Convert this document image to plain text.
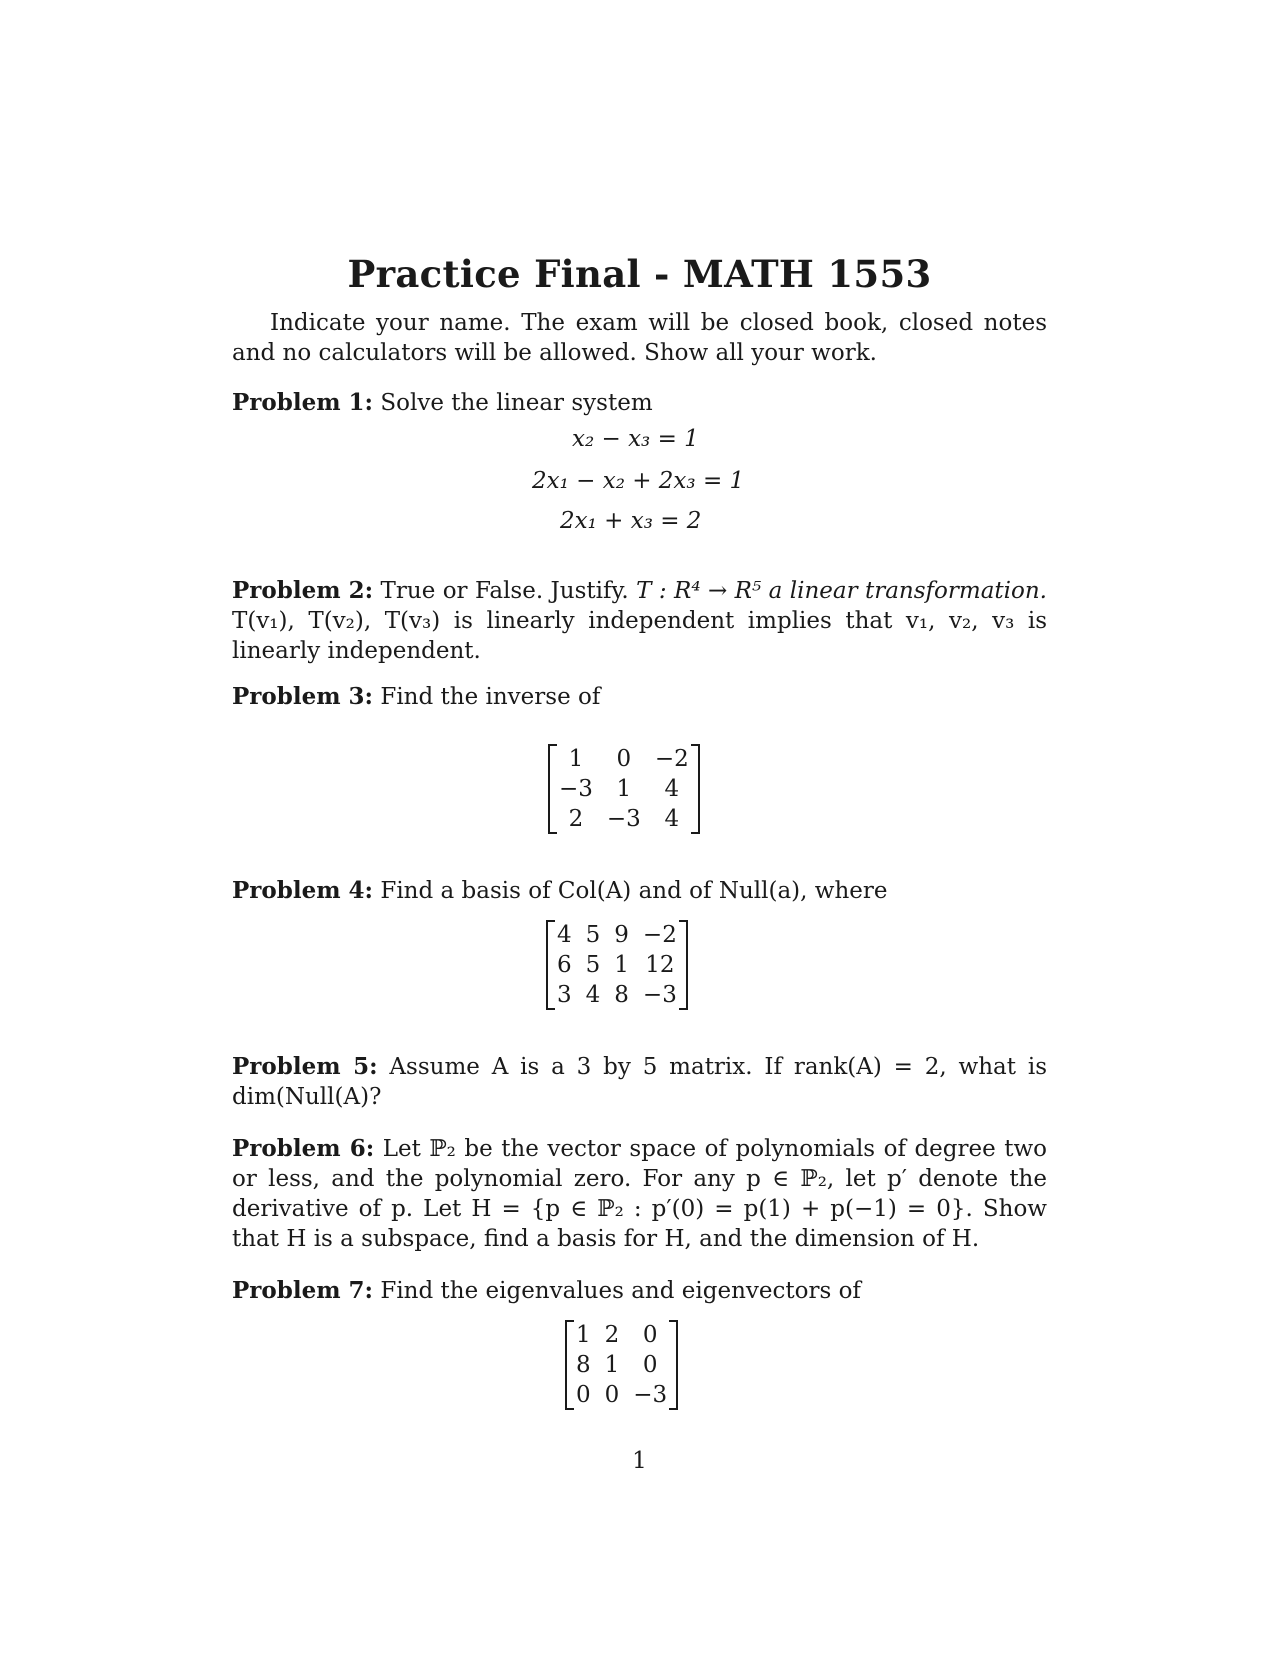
Practice Final - MATH 1553

Indicate your name. The exam will be closed book, closed notes and no calculators will be allowed. Show all your work.

Problem 1: Solve the linear system

x₂ − x₃ = 1
2x₁ − x₂ + 2x₃ = 1
2x₁ + x₃ = 2

Problem 2: True or False. Justify. T : R⁴ → R⁵ a linear transformation. T(v₁), T(v₂), T(v₃) is linearly independent implies that v₁, v₂, v₃ is linearly independent.

Problem 3: Find the inverse of

1	0	−2
−3	1	4
2	−3	4

Problem 4: Find a basis of Col(A) and of Null(a), where

4	5	9	−2
6	5	1	12
3	4	8	−3

Problem 5: Assume A is a 3 by 5 matrix. If rank(A) = 2, what is dim(Null(A)?

Problem 6: Let ℙ₂ be the vector space of polynomials of degree two or less, and the polynomial zero. For any p ∈ ℙ₂, let p′ denote the derivative of p. Let H = {p ∈ ℙ₂ : p′(0) = p(1) + p(−1) = 0}. Show that H is a subspace, find a basis for H, and the dimension of H.

Problem 7: Find the eigenvalues and eigenvectors of

1	2	0
8	1	0
0	0	−3
1
